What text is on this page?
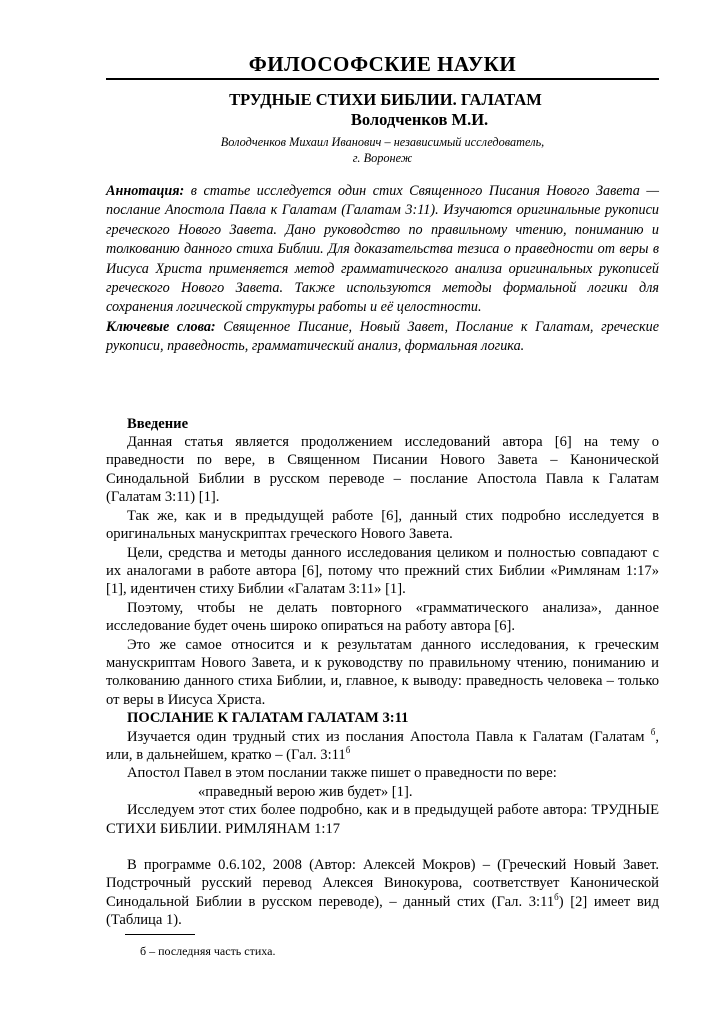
ФИЛОСОФСКИЕ НАУКИ
ТРУДНЫЕ СТИХИ БИБЛИИ. ГАЛАТАМ
Володченков М.И.
Володченков Михаил Иванович – независимый исследователь,
г. Воронеж

Аннотация: в статье исследуется один стих Священного Писания Нового Завета — послание Апостола Павла к Галатам (Галатам 3:11). Изучаются оригинальные рукописи греческого Нового Завета. Дано руководство по правильному чтению, пониманию и толкованию данного стиха Библии. Для доказательства тезиса о праведности от веры в Иисуса Христа применяется метод грамматического анализа оригинальных рукописей греческого Нового Завета. Также используются методы формальной логики для сохранения логической структуры работы и её целостности.

Ключевые слова: Священное Писание, Новый Завет, Послание к Галатам, греческие рукописи, праведность, грамматический анализ, формальная логика.

Введение

Данная статья является продолжением исследований автора [6] на тему о праведности по вере, в Священном Писании Нового Завета – Канонической Синодальной Библии в русском переводе – послание Апостола Павла к Галатам (Галатам 3:11) [1].

Так же, как и в предыдущей работе [6], данный стих подробно исследуется в оригинальных манускриптах греческого Нового Завета.

Цели, средства и методы данного исследования целиком и полностью совпадают с их аналогами в работе автора [6], потому что прежний стих Библии «Римлянам 1:17» [1], идентичен стиху Библии «Галатам 3:11» [1].

Поэтому, чтобы не делать повторного «грамматического анализа», данное исследование будет очень широко опираться на работу автора [6].

Это же самое относится и к результатам данного исследования, к греческим манускриптам Нового Завета, и к руководству по правильному чтению, пониманию и толкованию данного стиха Библии, и, главное, к выводу: праведность человека – только от веры в Иисуса Христа.

ПОСЛАНИЕ К ГАЛАТАМ ГАЛАТАМ 3:11

Изучается один трудный стих из послания Апостола Павла к Галатам (Галатам $^б$, или, в дальнейшем, кратко – (Гал. $3:11^б$

Апостол Павел в этом послании также пишет о праведности по вере:

«праведный верою жив будет» [1].

Исследуем этот стих более подробно, как и в предыдущей работе автора: ТРУДНЫЕ СТИХИ БИБЛИИ. РИМЛЯНАМ 1:17

В программе 0.6.102, 2008 (Автор: Алексей Мокров) – (Греческий Новый Завет. Подстрочный русский перевод Алексея Винокурова, соответствует Канонической Синодальной Библии в русском переводе), – данный стих (Гал. $3:11^б$) [2] имеет вид (Таблица 1).

б – последняя часть стиха.
